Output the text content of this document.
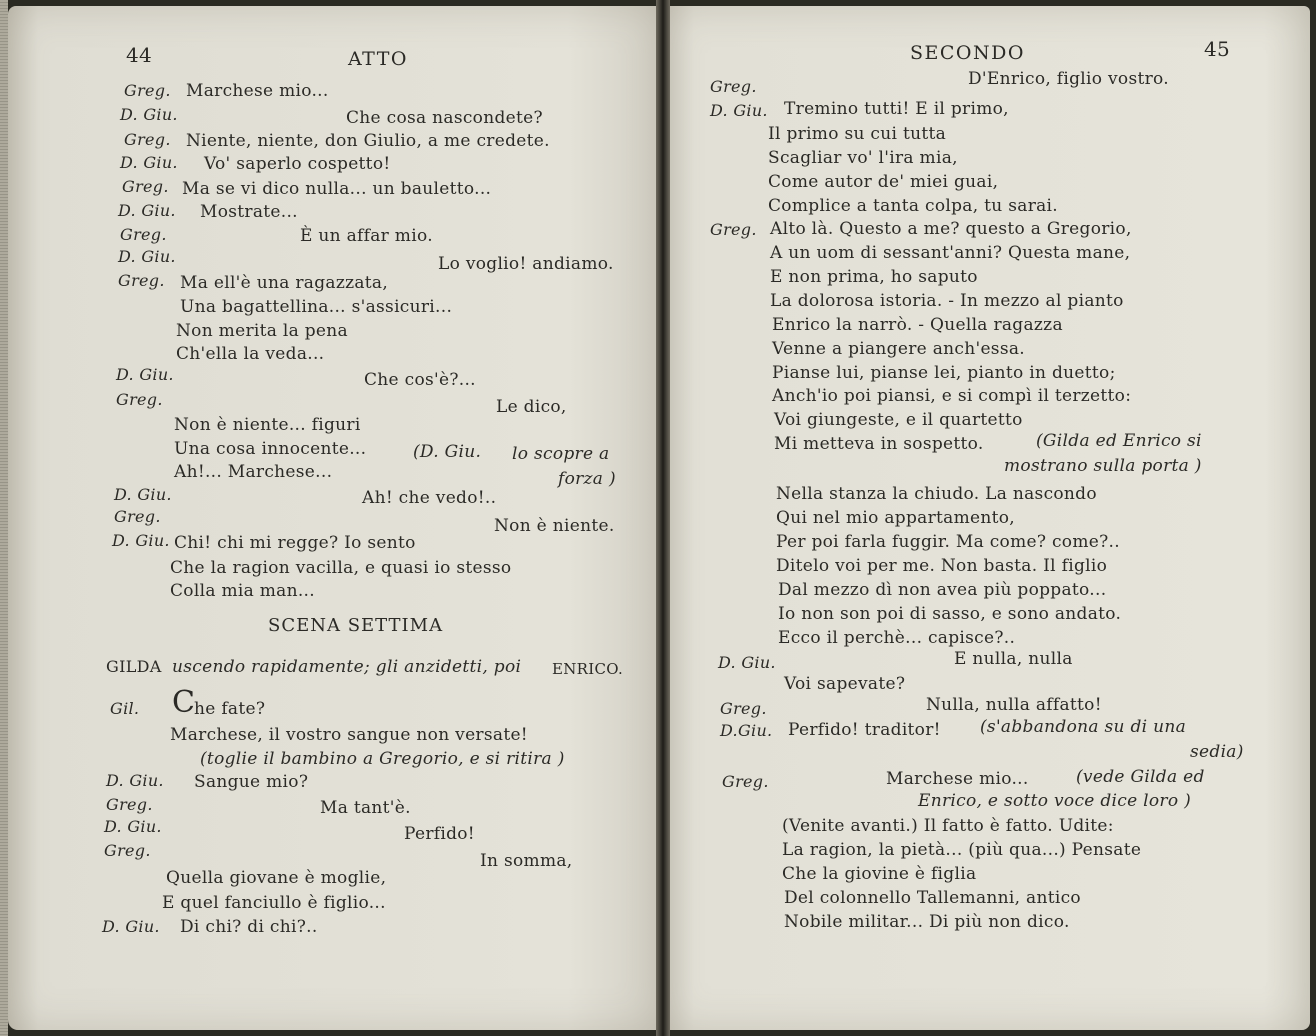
44	ATTO
Greg. Marchese mio...
D. Giu.	Che cosa nascondete?
Greg. Niente, niente, don Giulio, a me credete.
D. Giu. Vo' saperlo cospetto!
Greg. Ma se vi dico nulla... un bauletto...
D. Giu. Mostrate...
Greg.	È un affar mio.
D. Giu.	Lo voglio! andiamo.
Greg. Ma ell'è una ragazzata,
Una bagattellina... s'assicuri...
Non merita la pena
Ch'ella la veda...
D. Giu.	Che cos'è?...
Greg.	Le dico,
Non è niente... figuri
Una cosa innocente...	(D. Giu. lo scopre a
Ah!... Marchese...	forza )
D. Giu.	Ah! che vedo!..
Greg.	Non è niente.
D. Giu. Chi! chi mi regge? Io sento
Che la ragion vacilla, e quasi io stesso
Colla mia man...
SCENA SETTIMA
GILDA uscendo rapidamente; gli anzidetti, poi ENRICO.
Gil. C
he fate?
Marchese, il vostro sangue non versate!
(toglie il bambino a Gregorio, e si ritira )
D. Giu. Sangue mio?
Greg.	Ma tant'è.
D. Giu.	Perfido!
Greg.
In somma,
Quella giovane è moglie,
E quel fanciullo è figlio...
D. Giu. Di chi? di chi?..
SECONDO	45
Greg.	D'Enrico, figlio vostro.
D. Giu. Tremino tutti! E il primo,
Il primo su cui tutta
Scagliar vo' l'ira mia,
Come autor de' miei guai,
Complice a tanta colpa, tu sarai.
Greg. Alto là. Questo a me? questo a Gregorio,
A un uom di sessant'anni? Questa mane,
E non prima, ho saputo
La dolorosa istoria. - In mezzo al pianto
Enrico la narrò. - Quella ragazza
Venne a piangere anch'essa.
Pianse lui, pianse lei, pianto in duetto;
Anch'io poi piansi, e si compì il terzetto:
Voi giungeste, e il quartetto
Mi metteva in sospetto.	(Gilda ed Enrico si
mostrano sulla porta )
Nella stanza la chiudo. La nascondo
Qui nel mio appartamento,
Per poi farla fuggir. Ma come? come?..
Ditelo voi per me. Non basta. Il figlio
Dal mezzo dì non avea più poppato...
Io non son poi di sasso, e sono andato.
Ecco il perchè... capisce?..
D. Giu.	E nulla, nulla
Voi sapevate?
Greg.	Nulla, nulla affatto!
D.Giu. Perfido! traditor! (s'abbandona su di una
sedia)
Greg.	Marchese mio...	(vede Gilda ed
Enrico, e sotto voce dice loro )
(Venite avanti.) Il fatto è fatto. Udite:
La ragion, la pietà... (più qua...) Pensate
Che la giovine è figlia
Del colonnello Tallemanni, antico
Nobile militar... Di più non dico.
